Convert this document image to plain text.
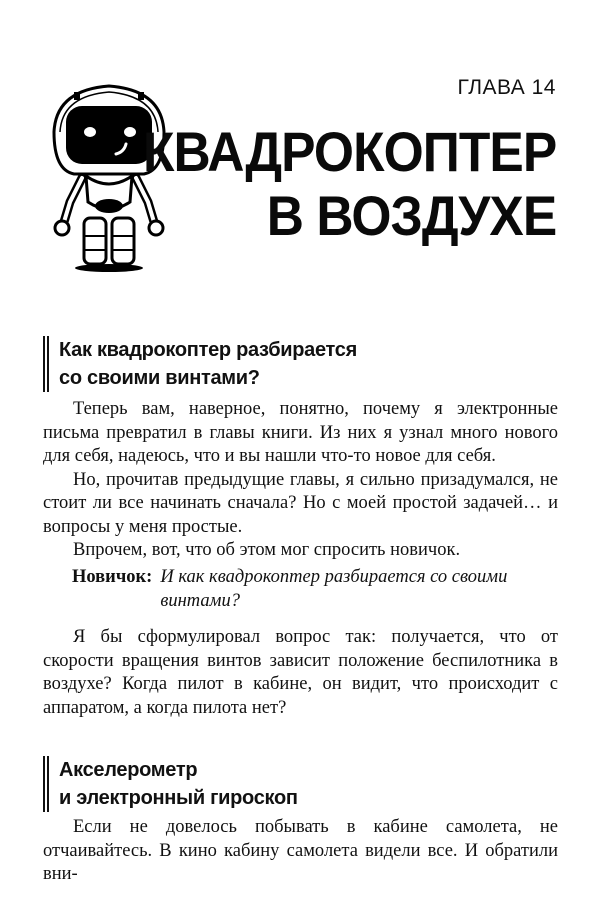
ГЛАВА 14
КВАДРОКОПТЕР
В ВОЗДУХЕ
Как квадрокоптер разбирается
со своими винтами?

Теперь вам, наверное, понятно, почему я электронные письма превратил в главы книги. Из них я узнал много нового для себя, надеюсь, что и вы нашли что-то новое для себя.

Но, прочитав предыдущие главы, я сильно призадумался, не стоит ли все начинать сначала? Но с моей простой задачей… и вопросы у меня простые.

Впрочем, вот, что об этом мог спросить новичок.

Новичок: И как квадрокоптер разбирается со своими винтами?

Я бы сформулировал вопрос так: получается, что от скорости вращения винтов зависит положение беспилотника в воздухе? Когда пилот в кабине, он видит, что происходит с аппаратом, а когда пилота нет?

Акселерометр
и электронный гироскоп

Если не довелось побывать в кабине самолета, не отчаивайтесь. В кино кабину самолета видели все. И обратили вни-
